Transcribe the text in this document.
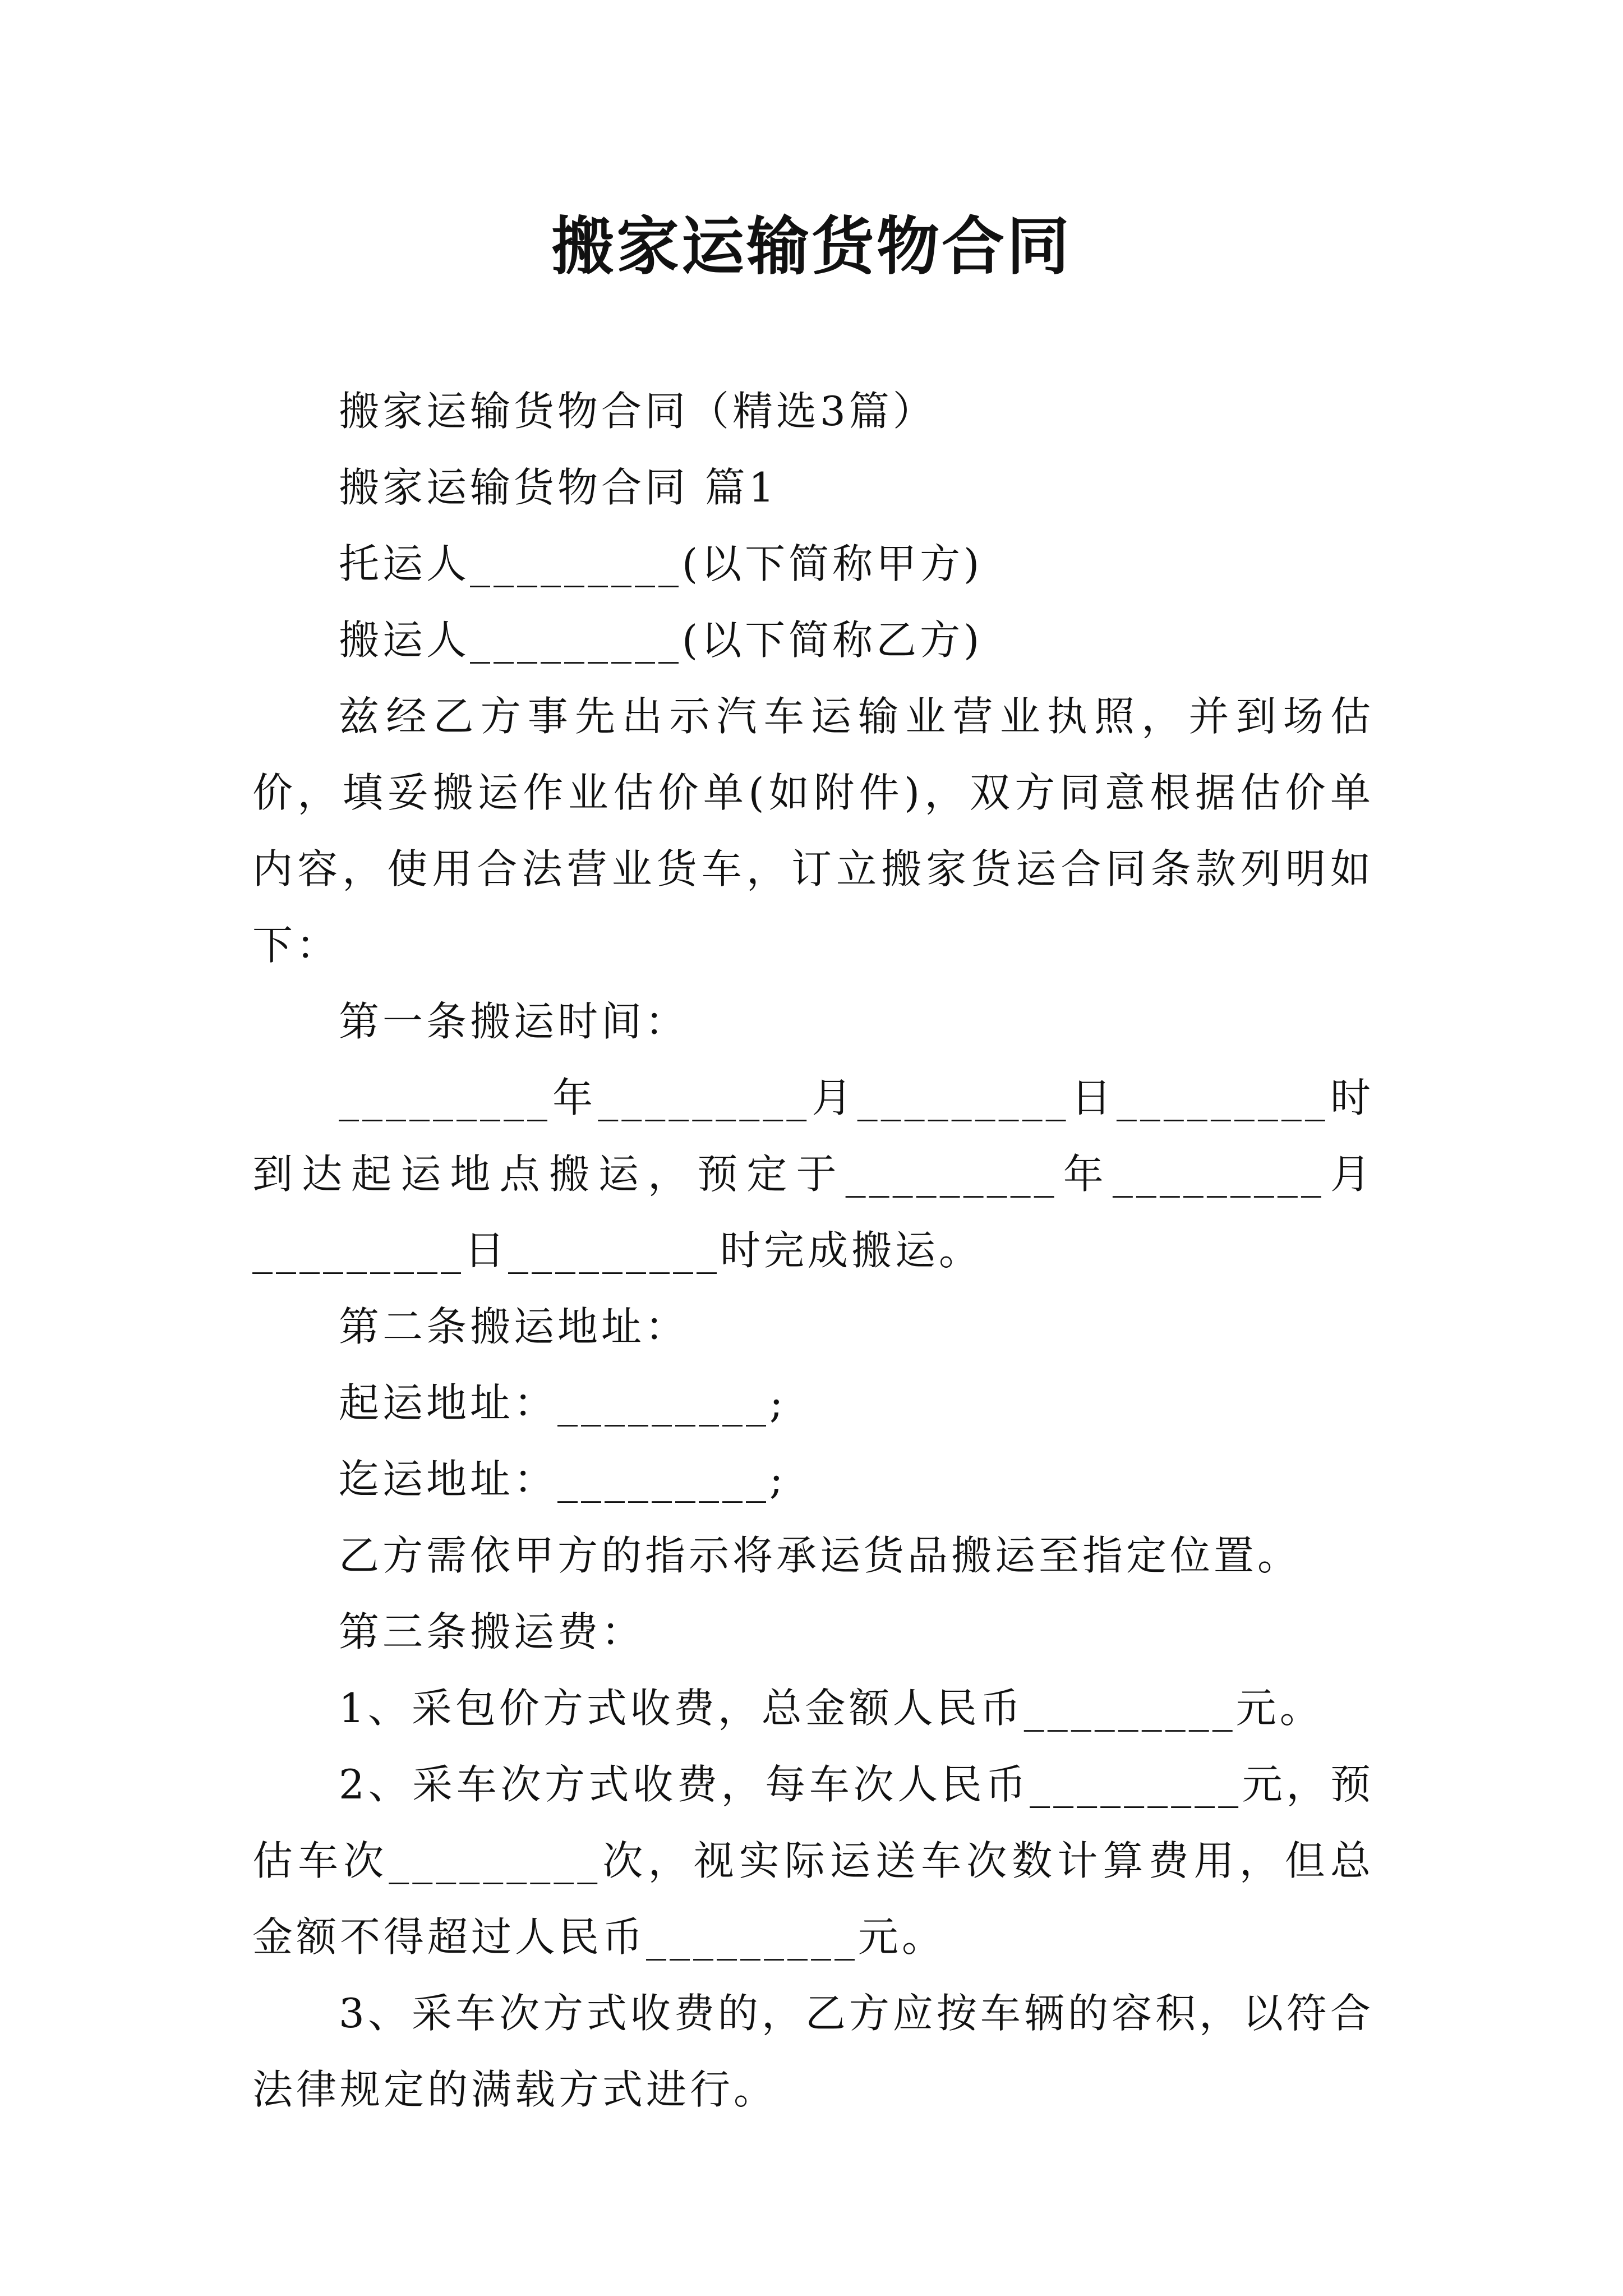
搬家运输货物合同

搬家运输货物合同（精选3篇）

搬家运输货物合同 篇1

托运人_________(以下简称甲方)

搬运人_________(以下简称乙方)

兹经乙方事先出示汽车运输业营业执照，并到场估价，填妥搬运作业估价单(如附件)，双方同意根据估价单内容，使用合法营业货车，订立搬家货运合同条款列明如下：

第一条搬运时间：

_________年_________月_________日_________时到达起运地点搬运，预定于_________年_________月_________日_________时完成搬运。

第二条搬运地址：

起运地址：_________;

迄运地址：_________;

乙方需依甲方的指示将承运货品搬运至指定位置。

第三条搬运费：

1、采包价方式收费，总金额人民币_________元。

2、采车次方式收费，每车次人民币_________元，预估车次_________次，视实际运送车次数计算费用，但总金额不得超过人民币_________元。

3、采车次方式收费的，乙方应按车辆的容积，以符合法律规定的满载方式进行。
